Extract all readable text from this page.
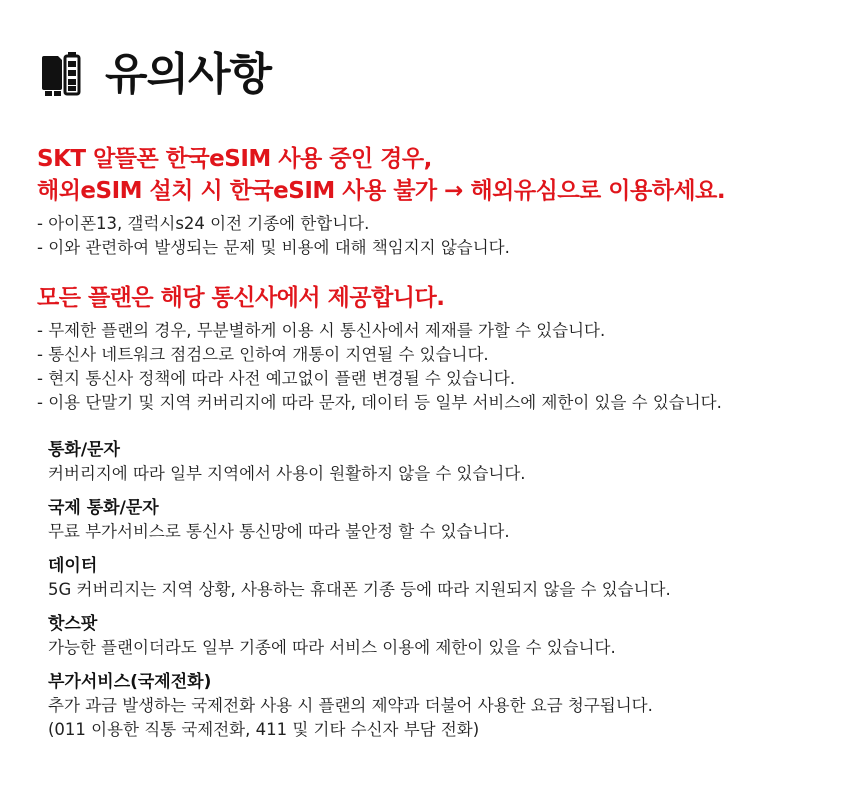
유의사항
SKT 알뜰폰 한국eSIM 사용 중인 경우,
해외eSIM 설치 시 한국eSIM 사용 불가 → 해외유심으로 이용하세요.
- 아이폰13, 갤럭시s24 이전 기종에 한합니다.
- 이와 관련하여 발생되는 문제 및 비용에 대해 책임지지 않습니다.
모든 플랜은 해당 통신사에서 제공합니다.
- 무제한 플랜의 경우, 무분별하게 이용 시 통신사에서 제재를 가할 수 있습니다.
- 통신사 네트워크 점검으로 인하여 개통이 지연될 수 있습니다.
- 현지 통신사 정책에 따라 사전 예고없이 플랜 변경될 수 있습니다.
- 이용 단말기 및 지역 커버리지에 따라 문자, 데이터 등 일부 서비스에 제한이 있을 수 있습니다.
통화/문자
커버리지에 따라 일부 지역에서 사용이 원활하지 않을 수 있습니다.
국제 통화/문자
무료 부가서비스로 통신사 통신망에 따라 불안정 할 수 있습니다.
데이터
5G 커버리지는 지역 상황, 사용하는 휴대폰 기종 등에 따라 지원되지 않을 수 있습니다.
핫스팟
가능한 플랜이더라도 일부 기종에 따라 서비스 이용에 제한이 있을 수 있습니다.
부가서비스(국제전화)
추가 과금 발생하는 국제전화 사용 시 플랜의 제약과 더불어 사용한 요금 청구됩니다.
(011 이용한 직통 국제전화, 411 및 기타 수신자 부담 전화)
